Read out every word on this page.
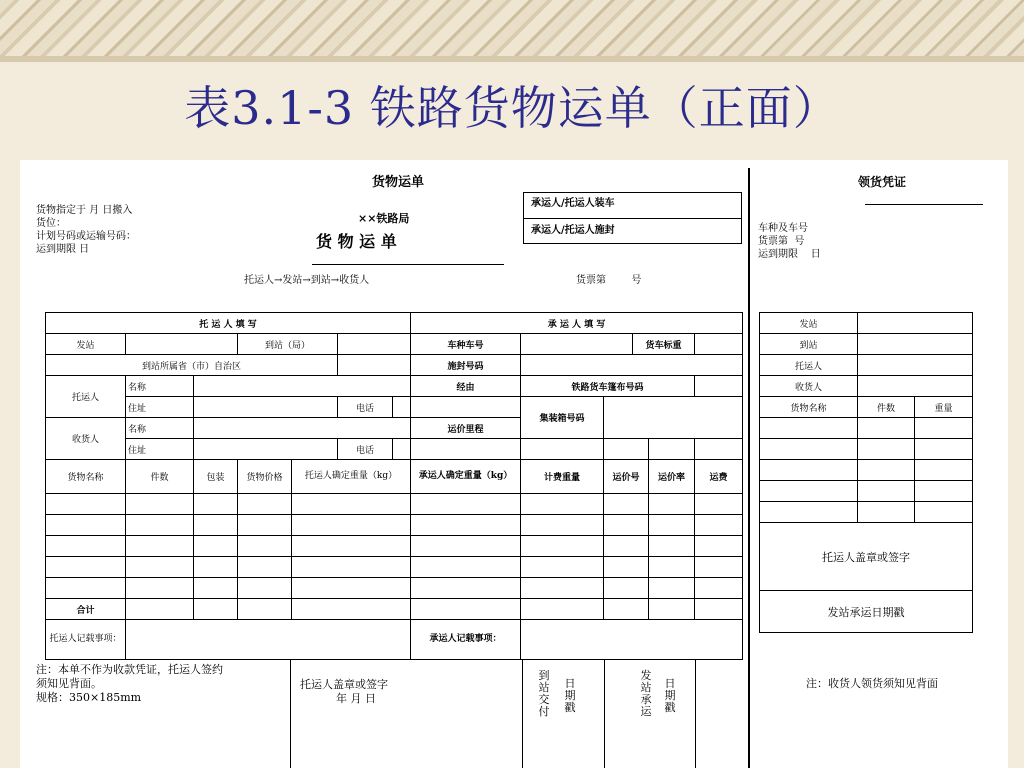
表3.1-3 铁路货物运单（正面）
货物运单
货物指定于 月 日搬入
货位：
计划号码或运输号码：
运到期限 日
××铁路局
货 物 运 单
托运人→发站→到站→收货人	货票第        号
承运人/托运人装车
承运人/托运人施封
领货凭证
车种及车号
货票第  号
运到期限    日
托 运 人 填 写							承 运 人 填 写					
发站			到站（局）				车种车号			货车标重		
到站所属省（市）自治区							施封号码					
托运人	名称						经由	铁路货车篷布号码				
	住址				电话			集装箱号码				
收货人	名称						运价里程					
	住址				电话							
货物名称	件数	包装	货物价格	托运人确定重量（kg）			承运人确定重量（kg）	计费重量	运价号		运价率	运费

合计												
托运人记载事项：							承运人记载事项：					
发站		
到站		
托运人		
收货人		
货物名称	件数	重量

托运人盖章或签字		
发站承运日期戳		
注：本单不作为收款凭证，托运人签约
须知见背面。
规格：350×185mm
托运人盖章或签字
年 月 日
到站交付
日期戳
发站承运
日期戳
注：收货人领货须知见背面
